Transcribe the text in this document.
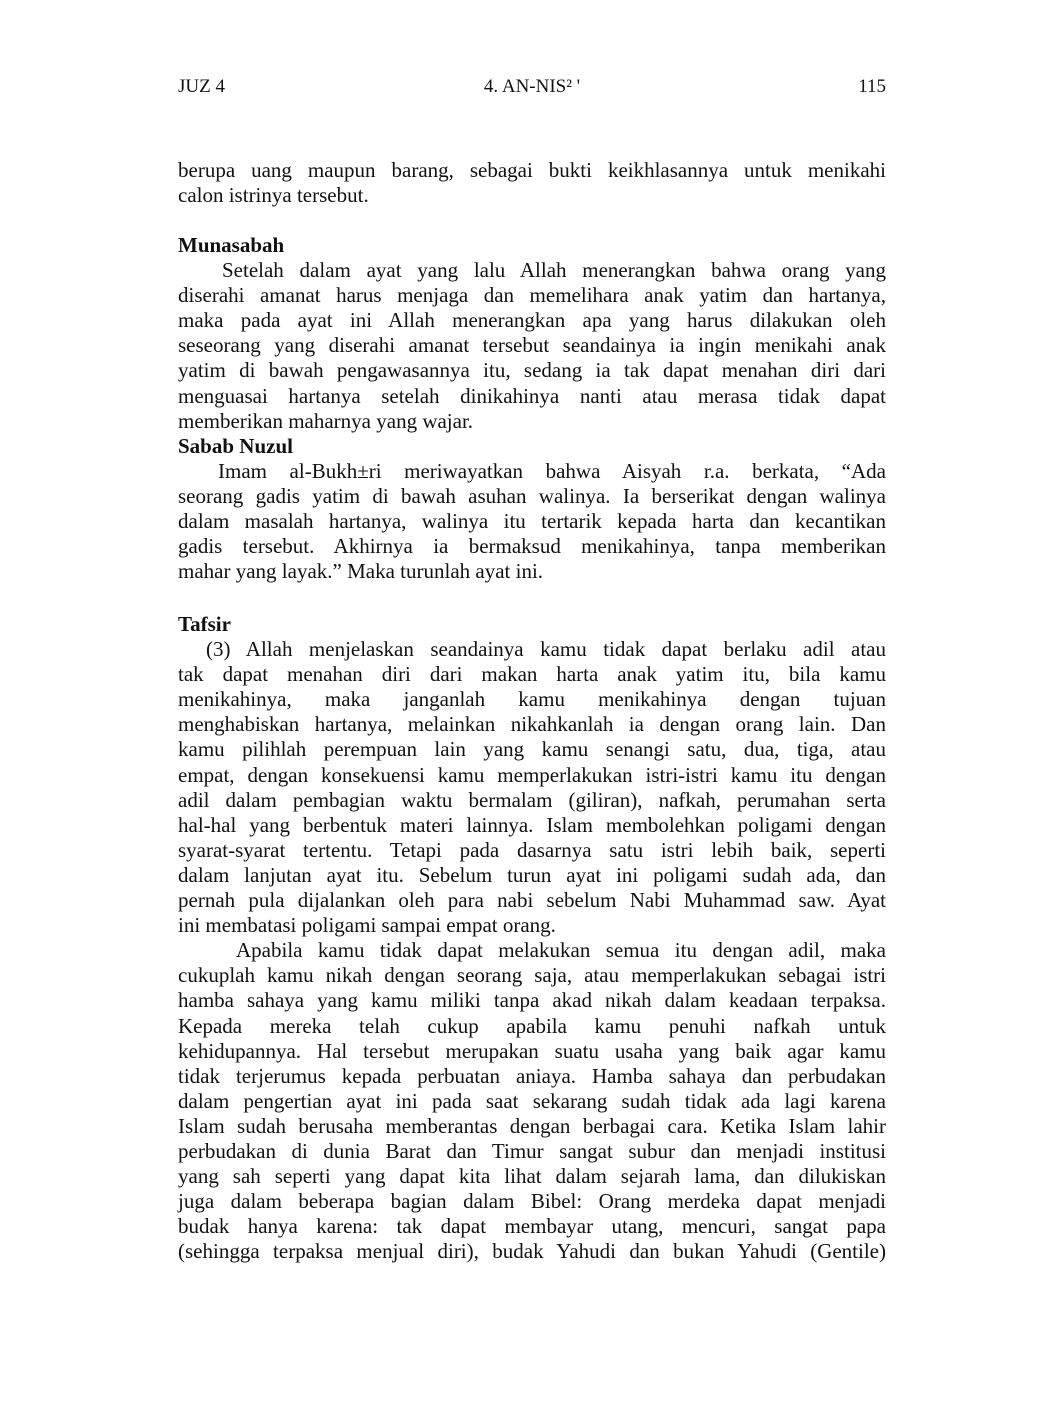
JUZ 4	4. AN-NIS² '	115

berupa uang maupun barang, sebagai bukti keikhlasannya untuk menikahi
calon istrinya tersebut.

Munasabah

Setelah dalam ayat yang lalu Allah menerangkan bahwa orang yang
diserahi amanat harus menjaga dan memelihara anak yatim dan hartanya,
maka pada ayat ini Allah menerangkan apa yang harus dilakukan oleh
seseorang yang diserahi amanat tersebut seandainya ia ingin menikahi anak
yatim di bawah pengawasannya itu, sedang ia tak dapat menahan diri dari
menguasai hartanya setelah dinikahinya nanti atau merasa tidak dapat
memberikan maharnya yang wajar.

Sabab Nuzul

Imam al-Bukh±ri meriwayatkan bahwa Aisyah r.a. berkata, “Ada
seorang gadis yatim di bawah asuhan walinya. Ia berserikat dengan walinya
dalam masalah hartanya, walinya itu tertarik kepada harta dan kecantikan
gadis tersebut. Akhirnya ia bermaksud menikahinya, tanpa memberikan
mahar yang layak.” Maka turunlah ayat ini.

Tafsir

(3) Allah menjelaskan seandainya kamu tidak dapat berlaku adil atau
tak dapat menahan diri dari makan harta anak yatim itu, bila kamu
menikahinya, maka janganlah kamu menikahinya dengan tujuan
menghabiskan hartanya, melainkan nikahkanlah ia dengan orang lain. Dan
kamu pilihlah perempuan lain yang kamu senangi satu, dua, tiga, atau
empat, dengan konsekuensi kamu memperlakukan istri-istri kamu itu dengan
adil dalam pembagian waktu bermalam (giliran), nafkah, perumahan serta
hal-hal yang berbentuk materi lainnya. Islam membolehkan poligami dengan
syarat-syarat tertentu. Tetapi pada dasarnya satu istri lebih baik, seperti
dalam lanjutan ayat itu. Sebelum turun ayat ini poligami sudah ada, dan
pernah pula dijalankan oleh para nabi sebelum Nabi Muhammad saw. Ayat
ini membatasi poligami sampai empat orang.

Apabila kamu tidak dapat melakukan semua itu dengan adil, maka
cukuplah kamu nikah dengan seorang saja, atau memperlakukan sebagai istri
hamba sahaya yang kamu miliki tanpa akad nikah dalam keadaan terpaksa.
Kepada mereka telah cukup apabila kamu penuhi nafkah untuk
kehidupannya. Hal tersebut merupakan suatu usaha yang baik agar kamu
tidak terjerumus kepada perbuatan aniaya. Hamba sahaya dan perbudakan
dalam pengertian ayat ini pada saat sekarang sudah tidak ada lagi karena
Islam sudah berusaha memberantas dengan berbagai cara. Ketika Islam lahir
perbudakan di dunia Barat dan Timur sangat subur dan menjadi institusi
yang sah seperti yang dapat kita lihat dalam sejarah lama, dan dilukiskan
juga dalam beberapa bagian dalam Bibel: Orang merdeka dapat menjadi
budak hanya karena: tak dapat membayar utang, mencuri, sangat papa
(sehingga terpaksa menjual diri), budak Yahudi dan bukan Yahudi (Gentile)
